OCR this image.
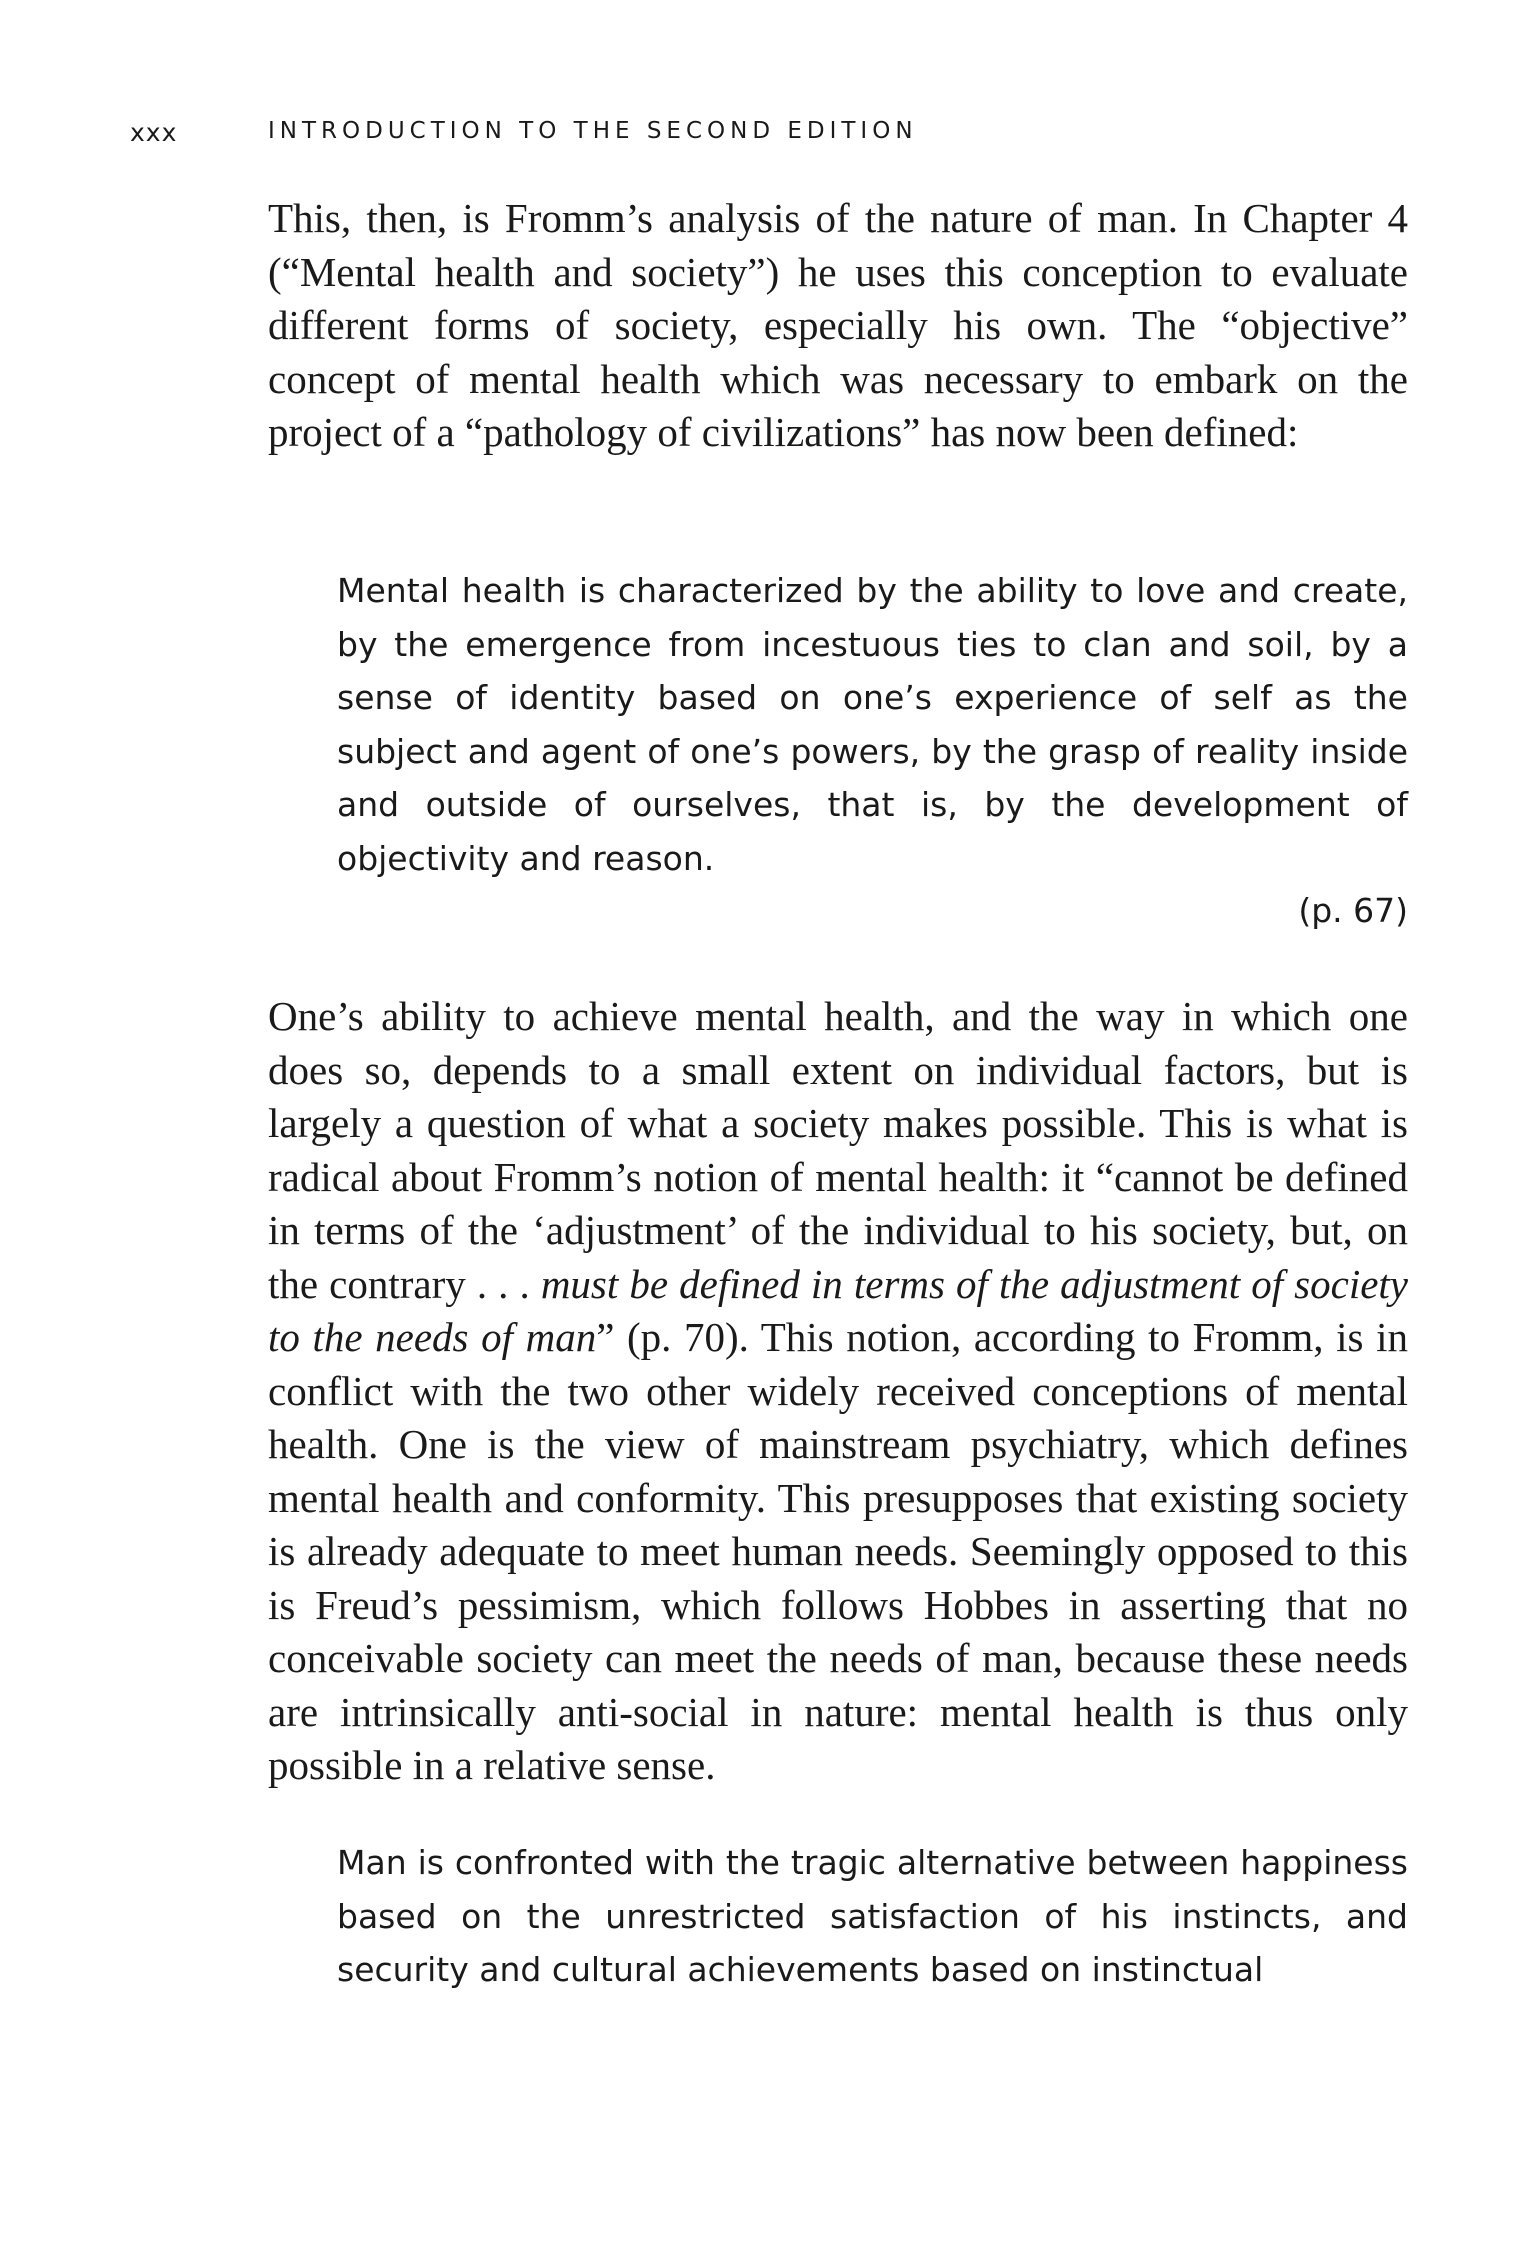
xxx	INTRODUCTION TO THE SECOND EDITION

This, then, is Fromm’s analysis of the nature of man. In Chapter 4 (“Mental health and society”) he uses this conception to evaluate different forms of society, especially his own. The “objective” concept of mental health which was necessary to embark on the project of a “pathology of civilizations” has now been defined:

Mental health is characterized by the ability to love and create, by the emergence from incestuous ties to clan and soil, by a sense of identity based on one’s experience of self as the subject and agent of one’s powers, by the grasp of reality inside and outside of ourselves, that is, by the development of objectivity and reason.

(p. 67)

One’s ability to achieve mental health, and the way in which one does so, depends to a small extent on individual factors, but is largely a question of what a society makes possible. This is what is radical about Fromm’s notion of mental health: it “cannot be defined in terms of the ‘adjustment’ of the individual to his society, but, on the contrary . . . must be defined in terms of the adjustment of society to the needs of man” (p. 70). This notion, according to Fromm, is in conflict with the two other widely received conceptions of mental health. One is the view of mainstream psychiatry, which defines mental health and conformity. This presupposes that existing society is already adequate to meet human needs. Seemingly opposed to this is Freud’s pessimism, which follows Hobbes in asserting that no conceivable society can meet the needs of man, because these needs are intrinsically anti-social in nature: mental health is thus only possible in a relative sense.

Man is confronted with the tragic alternative between happiness based on the unrestricted satisfaction of his instincts, and security and cultural achievements based on instinctual
